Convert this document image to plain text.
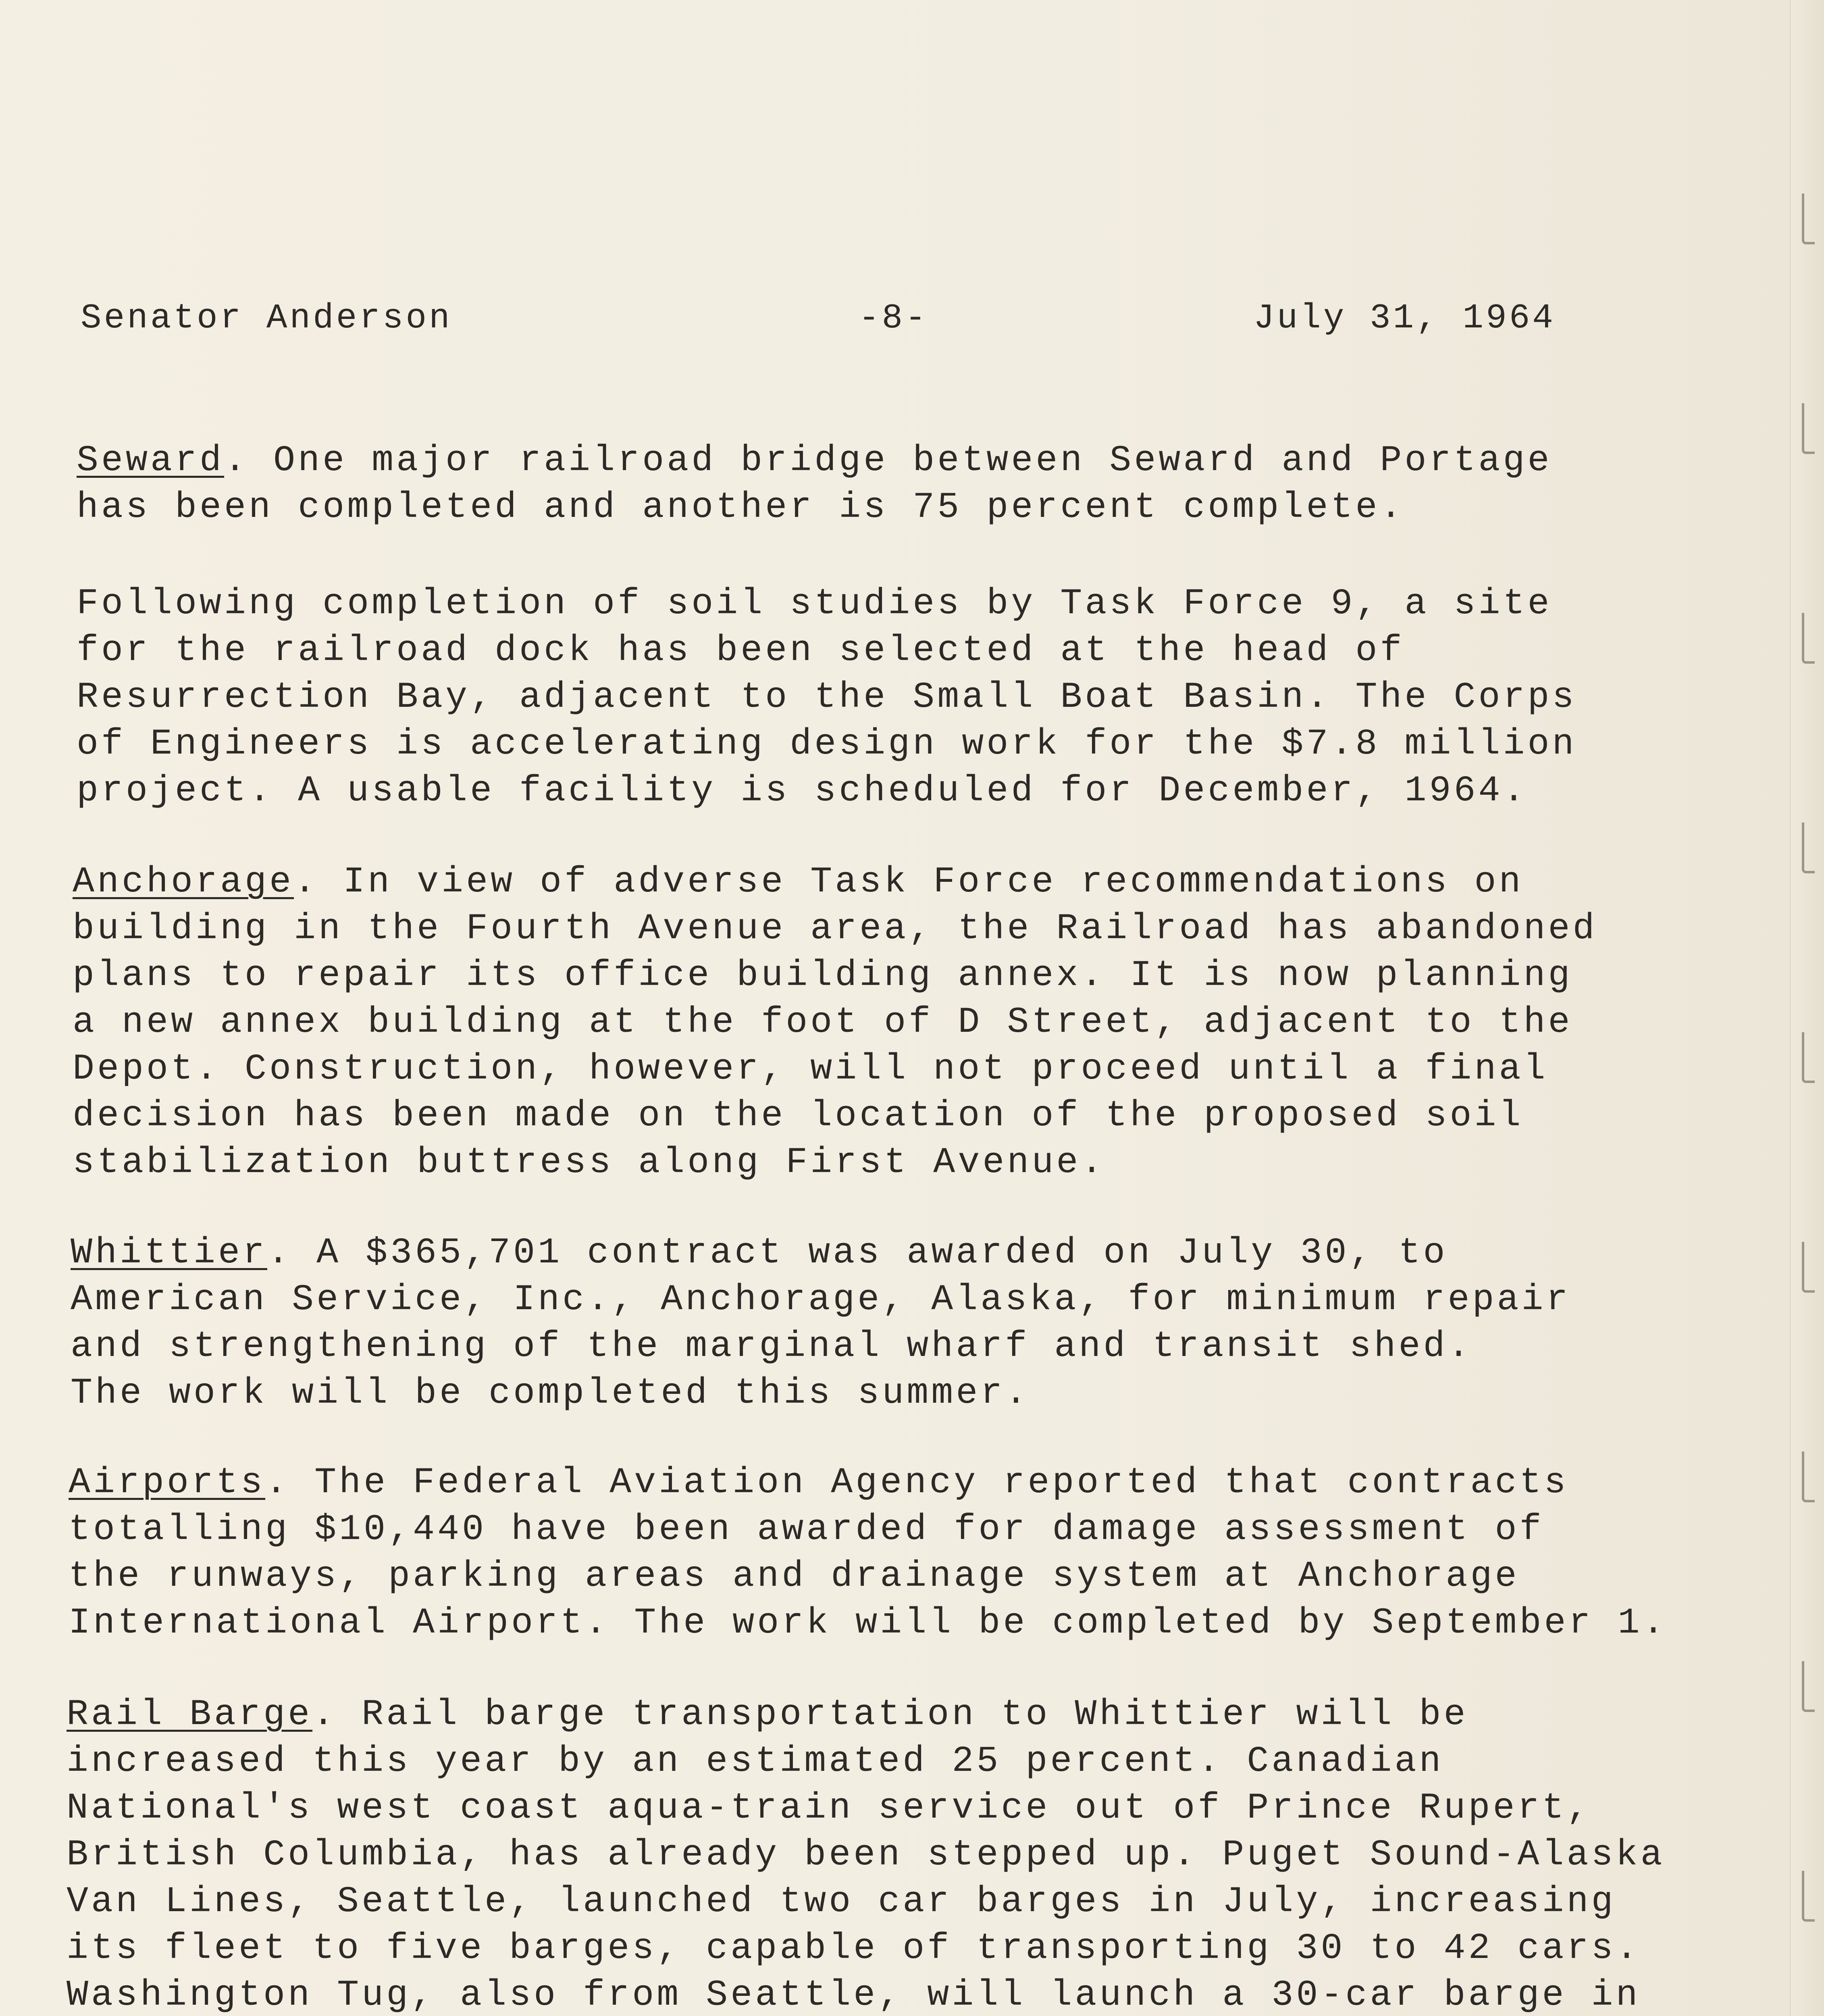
Senator Anderson	-8-	July 31, 1964
Seward. One major railroad bridge between Seward and Portage
has been completed and another is 75 percent complete.
Following completion of soil studies by Task Force 9, a site
for the railroad dock has been selected at the head of
Resurrection Bay, adjacent to the Small Boat Basin. The Corps
of Engineers is accelerating design work for the $7.8 million
project. A usable facility is scheduled for December, 1964.
Anchorage. In view of adverse Task Force recommendations on
building in the Fourth Avenue area, the Railroad has abandoned
plans to repair its office building annex. It is now planning
a new annex building at the foot of D Street, adjacent to the
Depot. Construction, however, will not proceed until a final
decision has been made on the location of the proposed soil
stabilization buttress along First Avenue.
Whittier. A $365,701 contract was awarded on July 30, to
American Service, Inc., Anchorage, Alaska, for minimum repair
and strengthening of the marginal wharf and transit shed.
The work will be completed this summer.
Airports. The Federal Aviation Agency reported that contracts
totalling $10,440 have been awarded for damage assessment of
the runways, parking areas and drainage system at Anchorage
International Airport. The work will be completed by September 1.
Rail Barge. Rail barge transportation to Whittier will be
increased this year by an estimated 25 percent. Canadian
National's west coast aqua-train service out of Prince Rupert,
British Columbia, has already been stepped up. Puget Sound-Alaska
Van Lines, Seattle, launched two car barges in July, increasing
its fleet to five barges, capable of transporting 30 to 42 cars.
Washington Tug, also from Seattle, will launch a 30-car barge in
